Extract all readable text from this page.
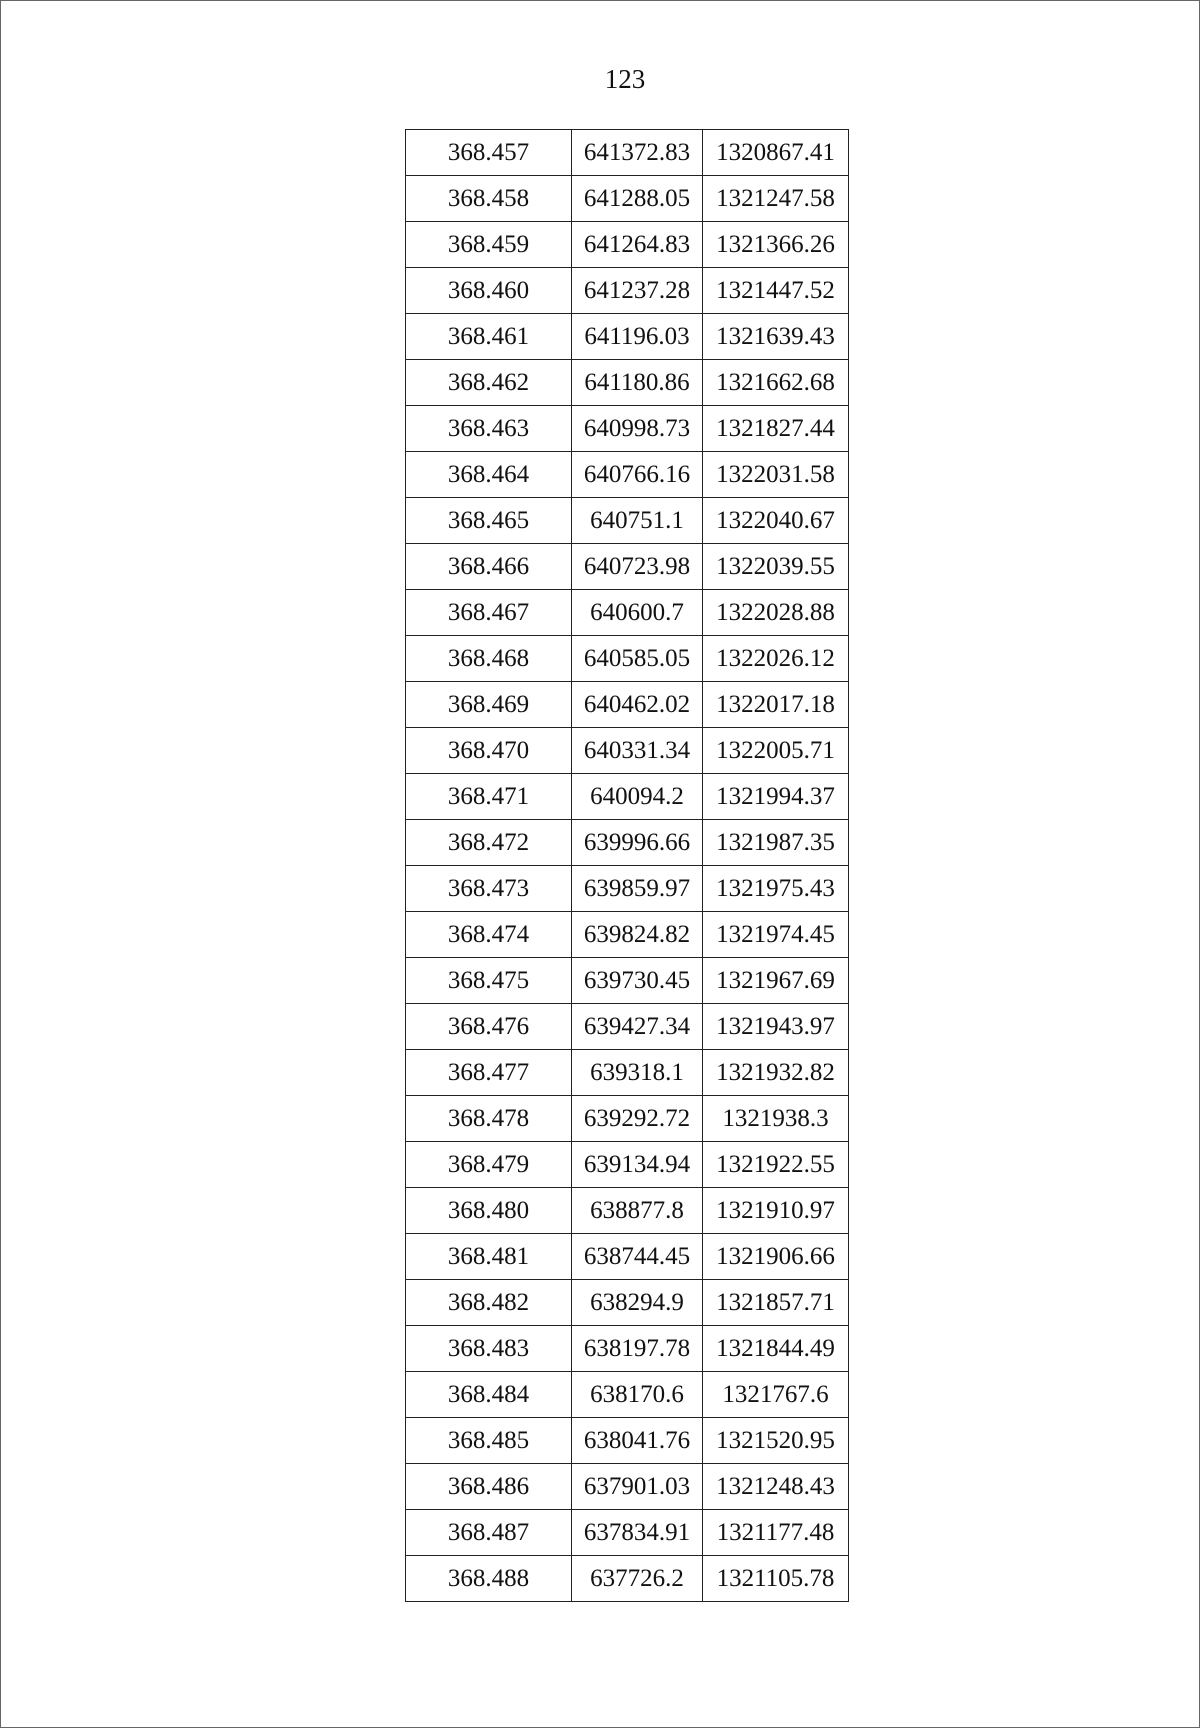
123
368.457	641372.83	1320867.41
368.458	641288.05	1321247.58
368.459	641264.83	1321366.26
368.460	641237.28	1321447.52
368.461	641196.03	1321639.43
368.462	641180.86	1321662.68
368.463	640998.73	1321827.44
368.464	640766.16	1322031.58
368.465	640751.1	1322040.67
368.466	640723.98	1322039.55
368.467	640600.7	1322028.88
368.468	640585.05	1322026.12
368.469	640462.02	1322017.18
368.470	640331.34	1322005.71
368.471	640094.2	1321994.37
368.472	639996.66	1321987.35
368.473	639859.97	1321975.43
368.474	639824.82	1321974.45
368.475	639730.45	1321967.69
368.476	639427.34	1321943.97
368.477	639318.1	1321932.82
368.478	639292.72	1321938.3
368.479	639134.94	1321922.55
368.480	638877.8	1321910.97
368.481	638744.45	1321906.66
368.482	638294.9	1321857.71
368.483	638197.78	1321844.49
368.484	638170.6	1321767.6
368.485	638041.76	1321520.95
368.486	637901.03	1321248.43
368.487	637834.91	1321177.48
368.488	637726.2	1321105.78
